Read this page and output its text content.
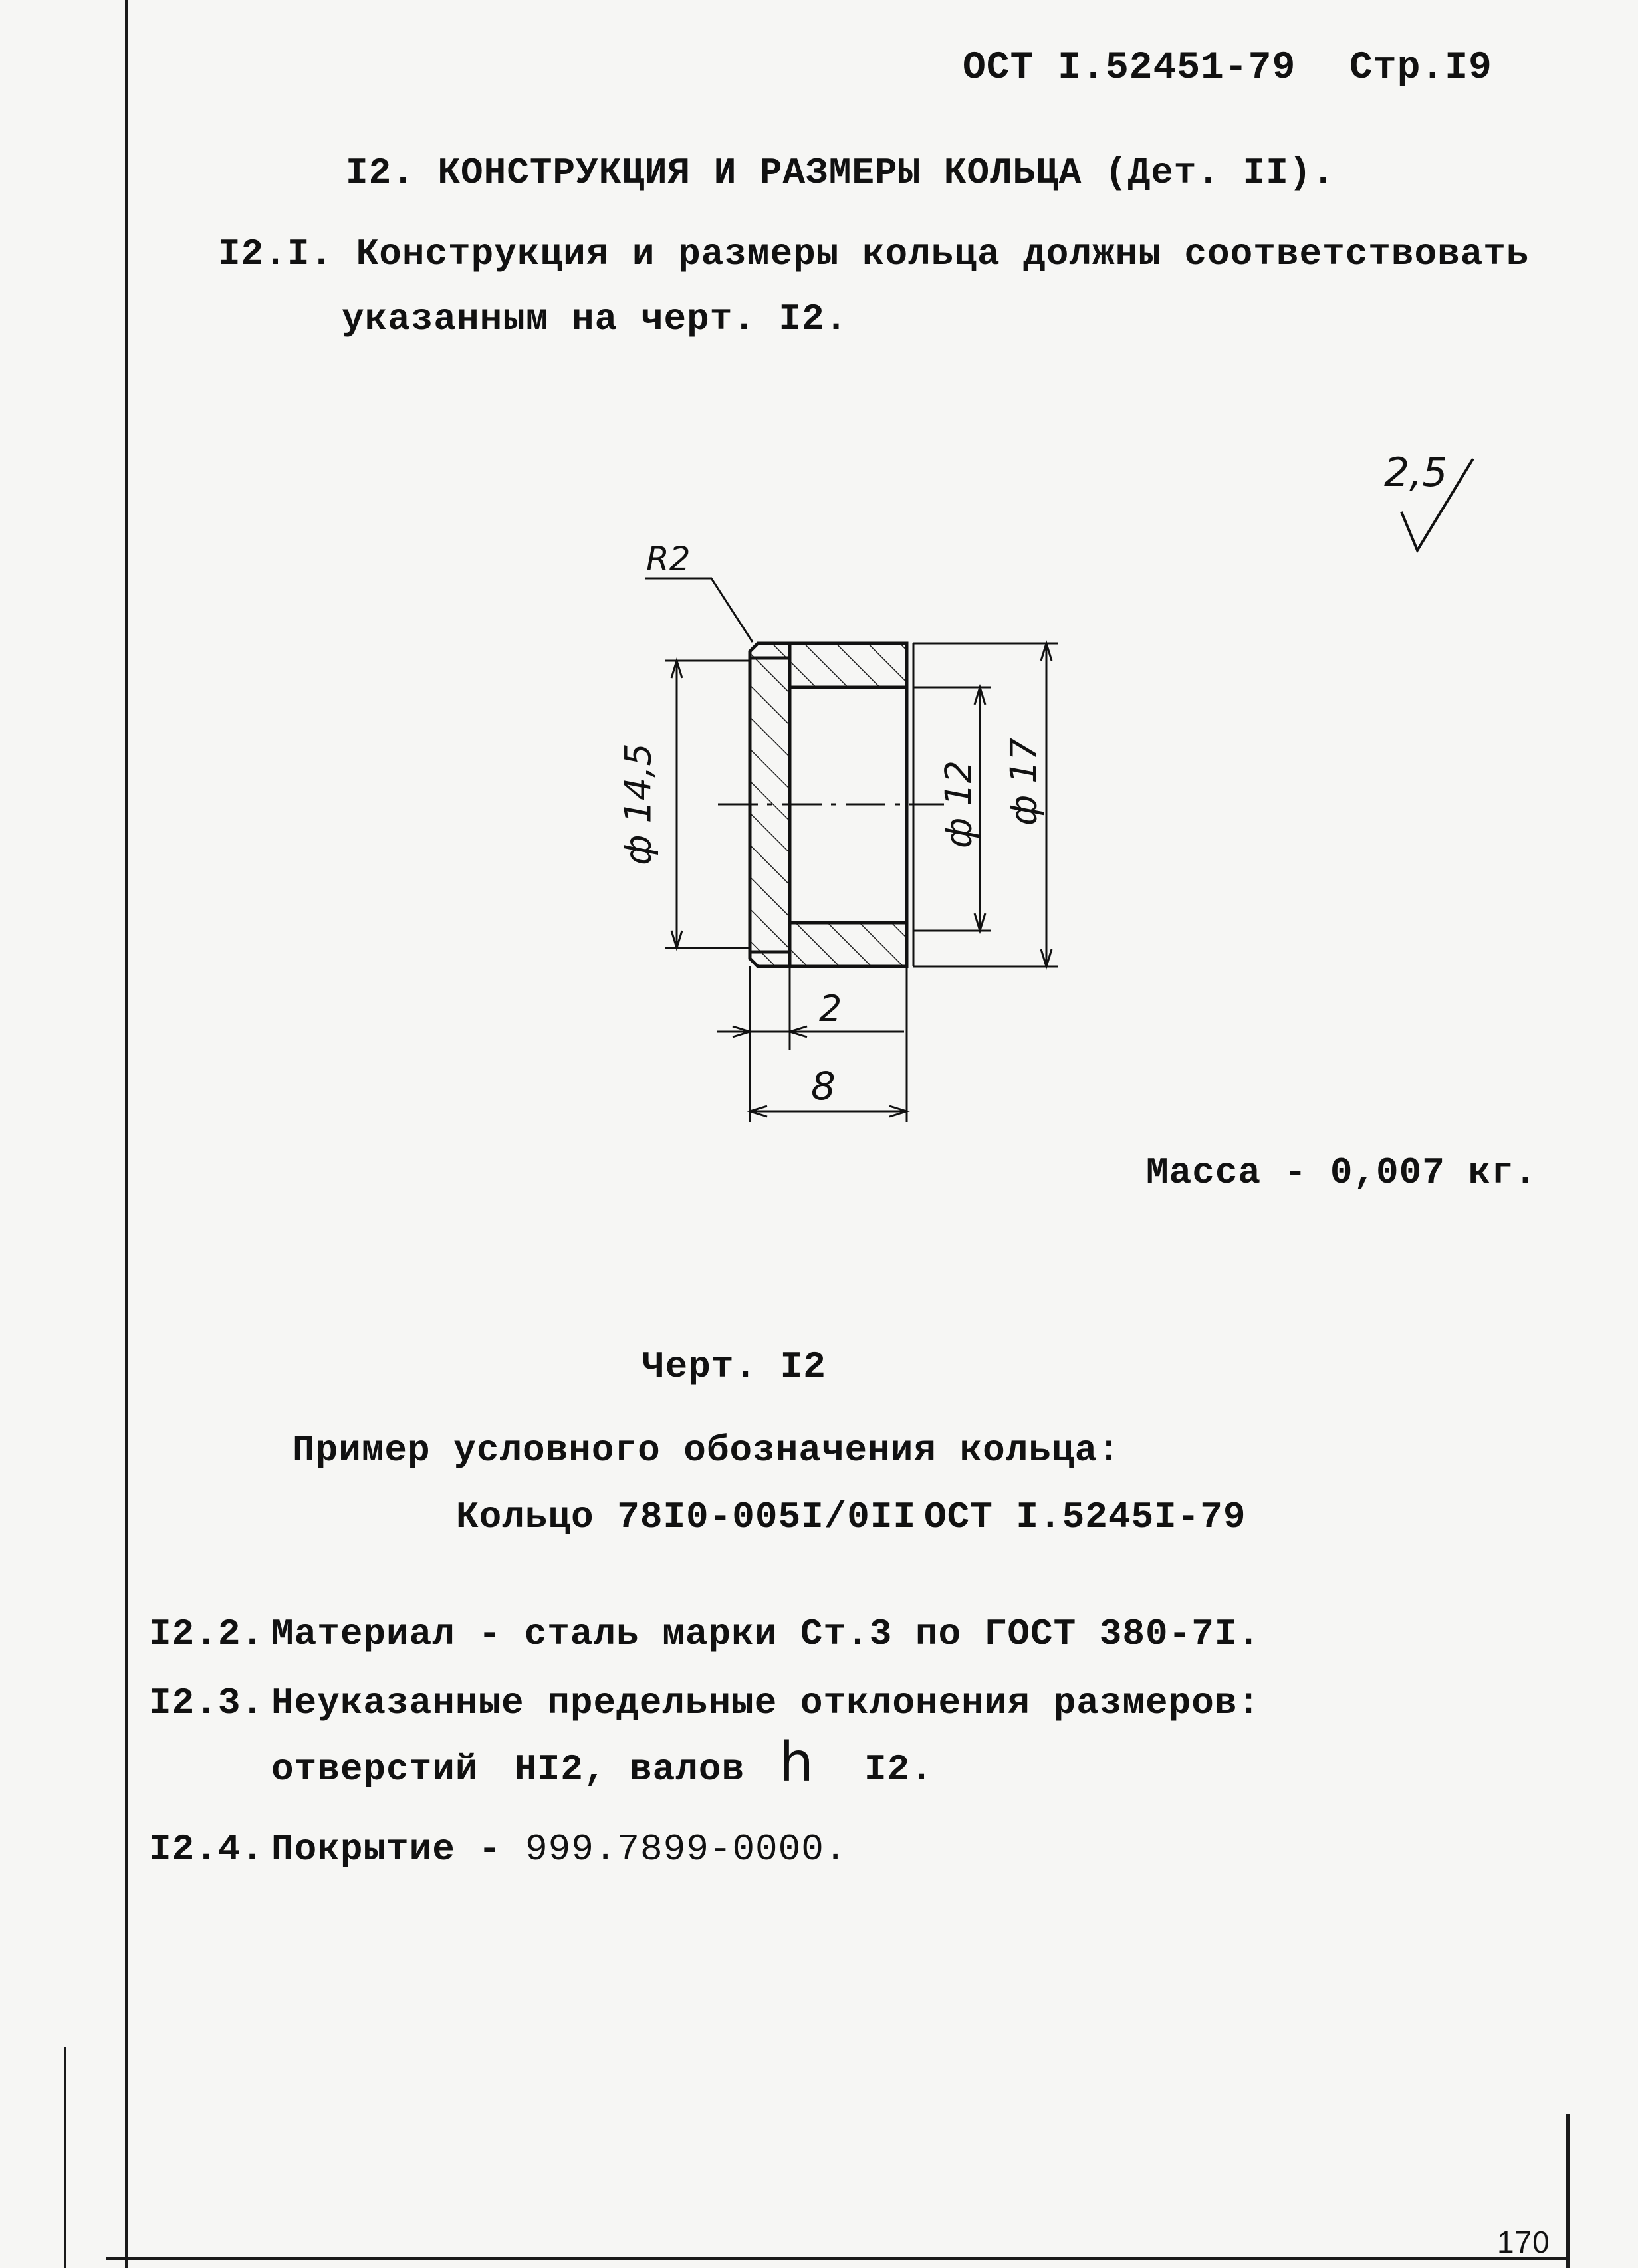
ОСТ I.52451-79 Стр.I9
I2. КОНСТРУКЦИЯ И РАЗМЕРЫ КОЛЬЦА (Дет. II).
I2.I. Конструкция и размеры кольца должны соответствовать
указанным на черт. I2.
2,5
R2
ф 14,5	ф 12 ф 17
2
8
Масса - 0,007 кг.
Черт. I2
Пример условного обозначения кольца:
Кольцо 78I0-005I/0II ОСТ I.5245I-79
I2.2. Материал - сталь марки Ст.3 по ГОСТ 380-7I.
I2.3. Неуказанные предельные отклонения размеров:
отверстий HI2, валов h I2.
I2.4. Покрытие - 999.7899-0000.
170
